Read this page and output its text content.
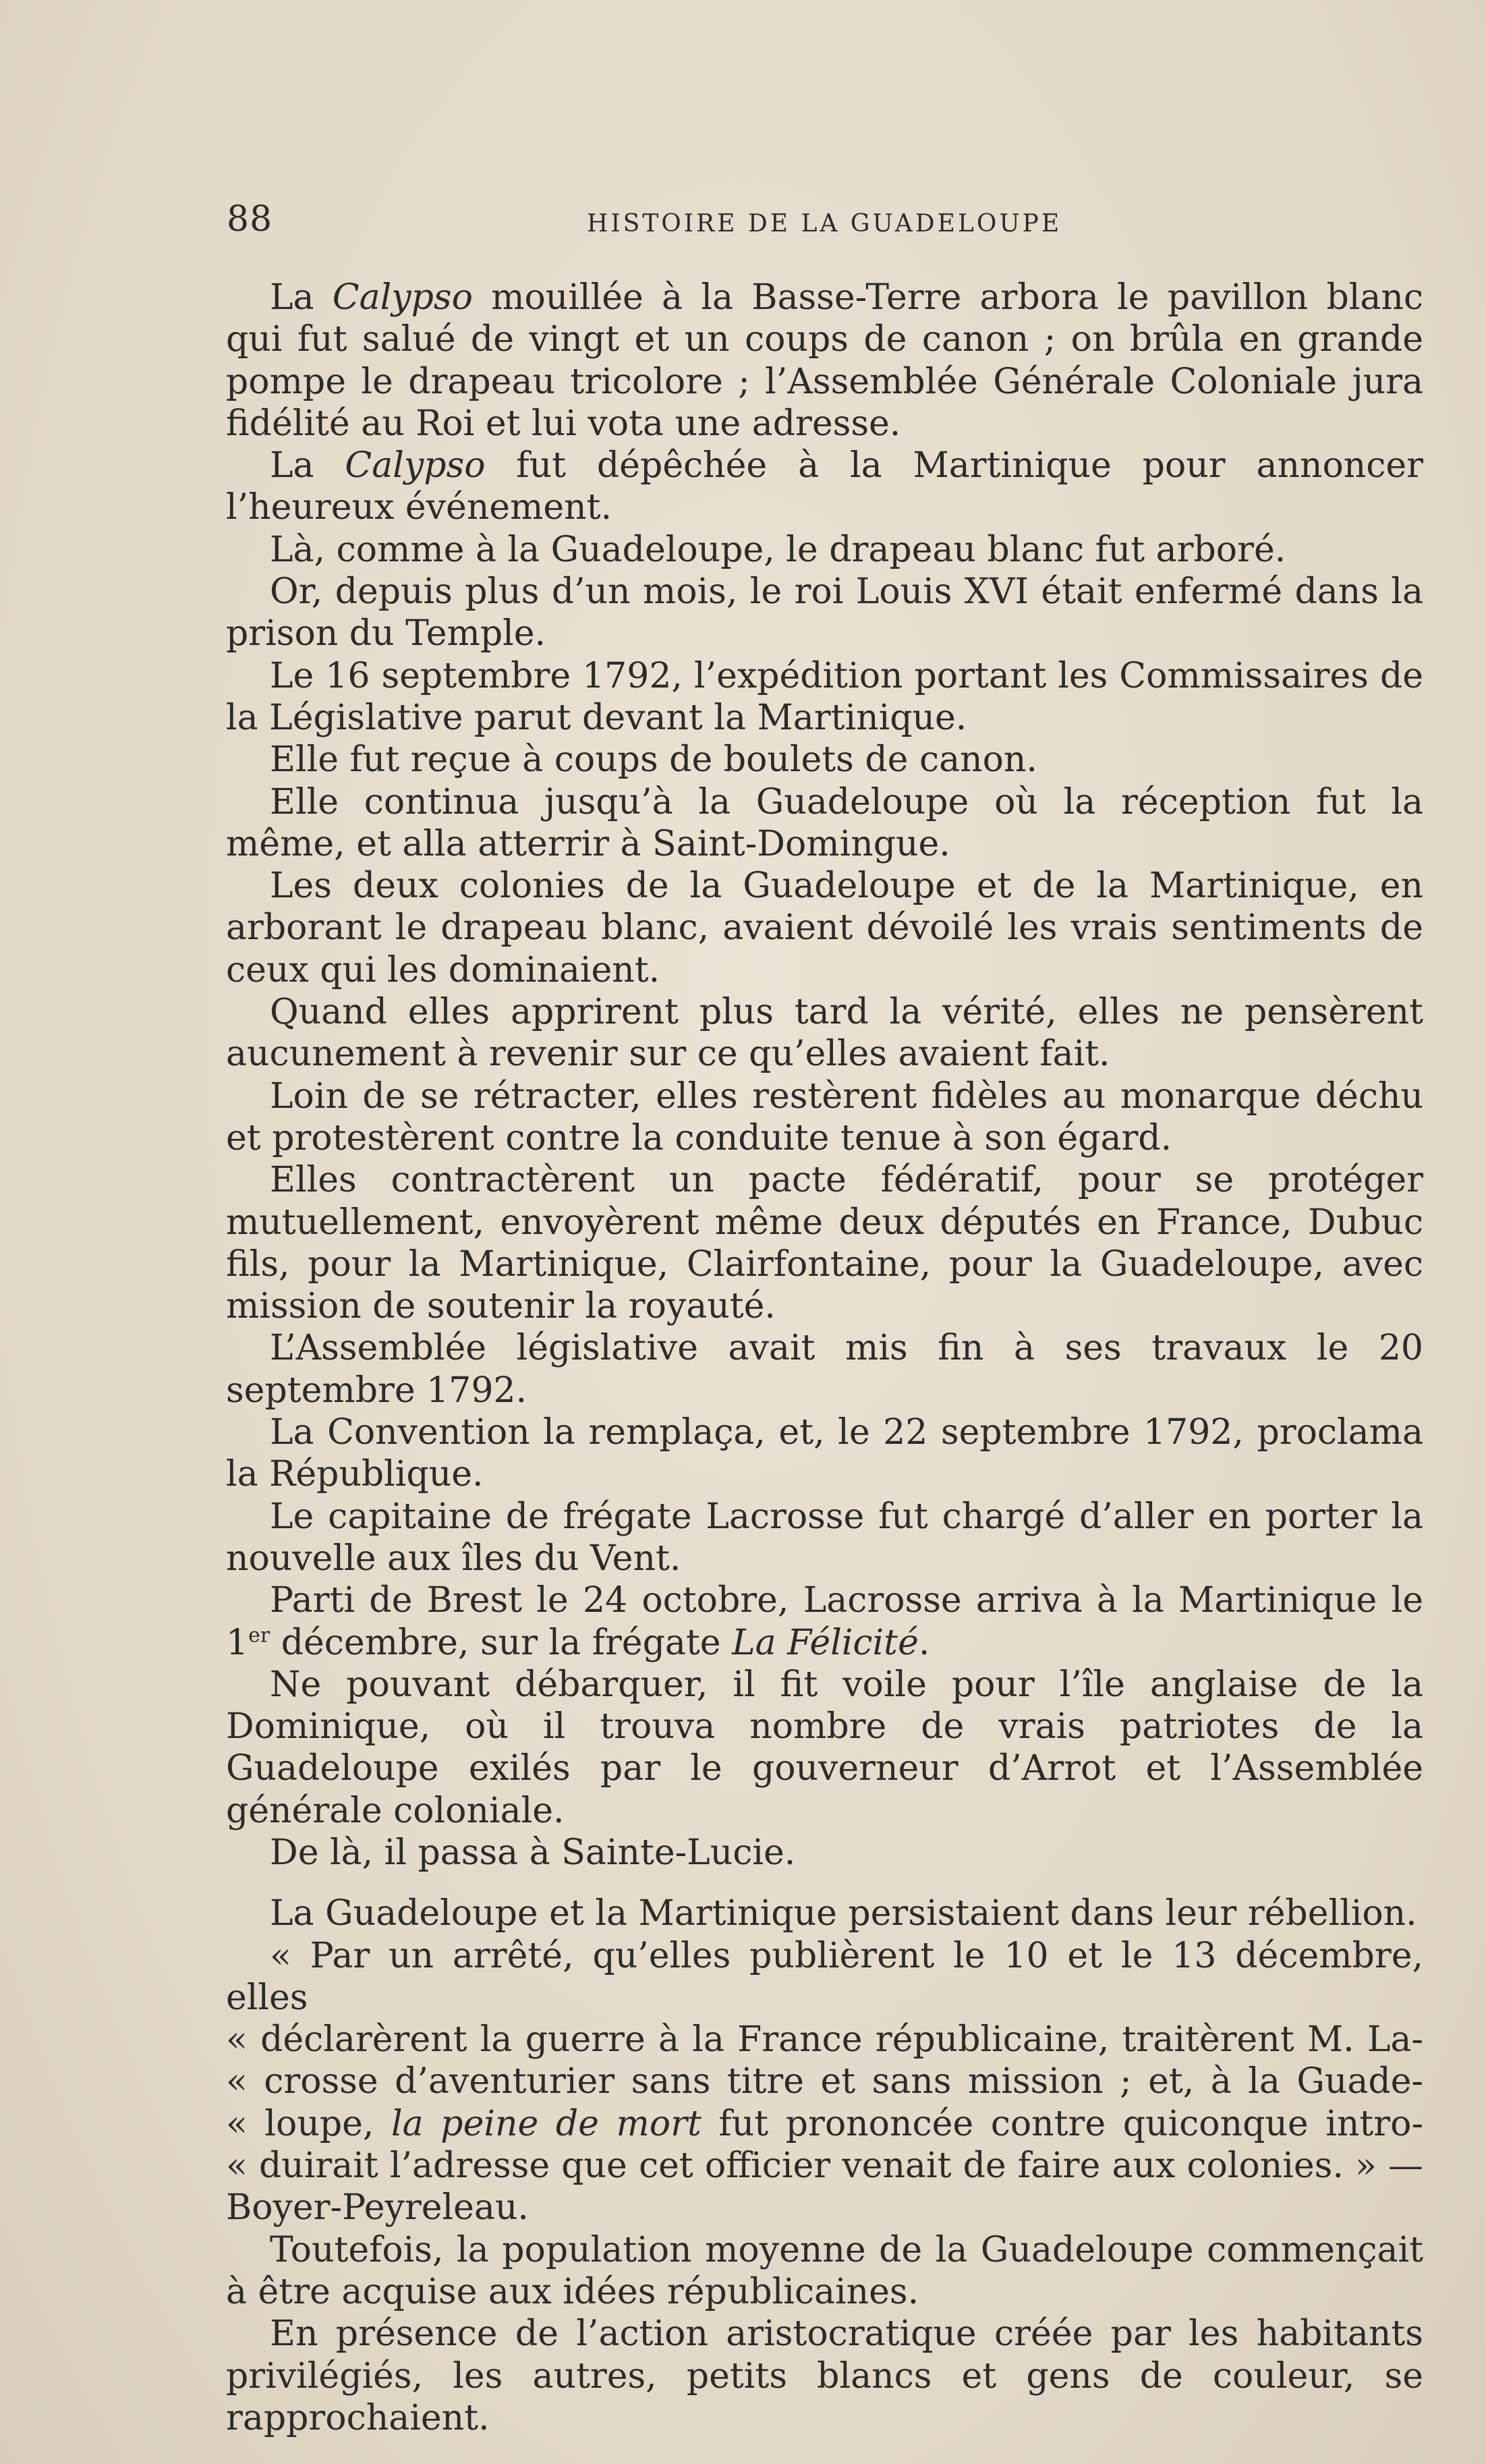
88	HISTOIRE DE LA GUADELOUPE

La Calypso mouillée à la Basse-Terre arbora le pavillon blanc qui fut salué de vingt et un coups de canon ; on brûla en grande pompe le drapeau tricolore ; l’Assemblée Générale Coloniale jura fidélité au Roi et lui vota une adresse.

La Calypso fut dépêchée à la Martinique pour annoncer l’heureux événement.

Là, comme à la Guadeloupe, le drapeau blanc fut arboré.

Or, depuis plus d’un mois, le roi Louis XVI était enfermé dans la prison du Temple.

Le 16 septembre 1792, l’expédition portant les Commissaires de la Législative parut devant la Martinique.

Elle fut reçue à coups de boulets de canon.

Elle continua jusqu’à la Guadeloupe où la réception fut la même, et alla atterrir à Saint-Domingue.

Les deux colonies de la Guadeloupe et de la Martinique, en arborant le drapeau blanc, avaient dévoilé les vrais sentiments de ceux qui les dominaient.

Quand elles apprirent plus tard la vérité, elles ne pensèrent aucunement à revenir sur ce qu’elles avaient fait.

Loin de se rétracter, elles restèrent fidèles au monarque déchu et protestèrent contre la conduite tenue à son égard.

Elles contractèrent un pacte fédératif, pour se protéger mutuellement, envoyèrent même deux députés en France, Dubuc fils, pour la Martinique, Clairfontaine, pour la Guadeloupe, avec mission de soutenir la royauté.

L’Assemblée législative avait mis fin à ses travaux le 20 septembre 1792.

La Convention la remplaça, et, le 22 septembre 1792, proclama la République.

Le capitaine de frégate Lacrosse fut chargé d’aller en porter la nouvelle aux îles du Vent.

Parti de Brest le 24 octobre, Lacrosse arriva à la Martinique le 1er décembre, sur la frégate La Félicité.

Ne pouvant débarquer, il fit voile pour l’île anglaise de la Dominique, où il trouva nombre de vrais patriotes de la Guadeloupe exilés par le gouverneur d’Arrot et l’Assemblée générale coloniale.

De là, il passa à Sainte-Lucie.

La Guadeloupe et la Martinique persistaient dans leur rébellion.

« Par un arrêté, qu’elles publièrent le 10 et le 13 décembre, elles
« déclarèrent la guerre à la France républicaine, traitèrent M. La-
« crosse d’aventurier sans titre et sans mission ; et, à la Guade-
« loupe, la peine de mort fut prononcée contre quiconque intro-
« duirait l’adresse que cet officier venait de faire aux colonies. » —
Boyer-Peyreleau.

Toutefois, la population moyenne de la Guadeloupe commençait à être acquise aux idées républicaines.

En présence de l’action aristocratique créée par les habitants privilégiés, les autres, petits blancs et gens de couleur, se rapprochaient.
